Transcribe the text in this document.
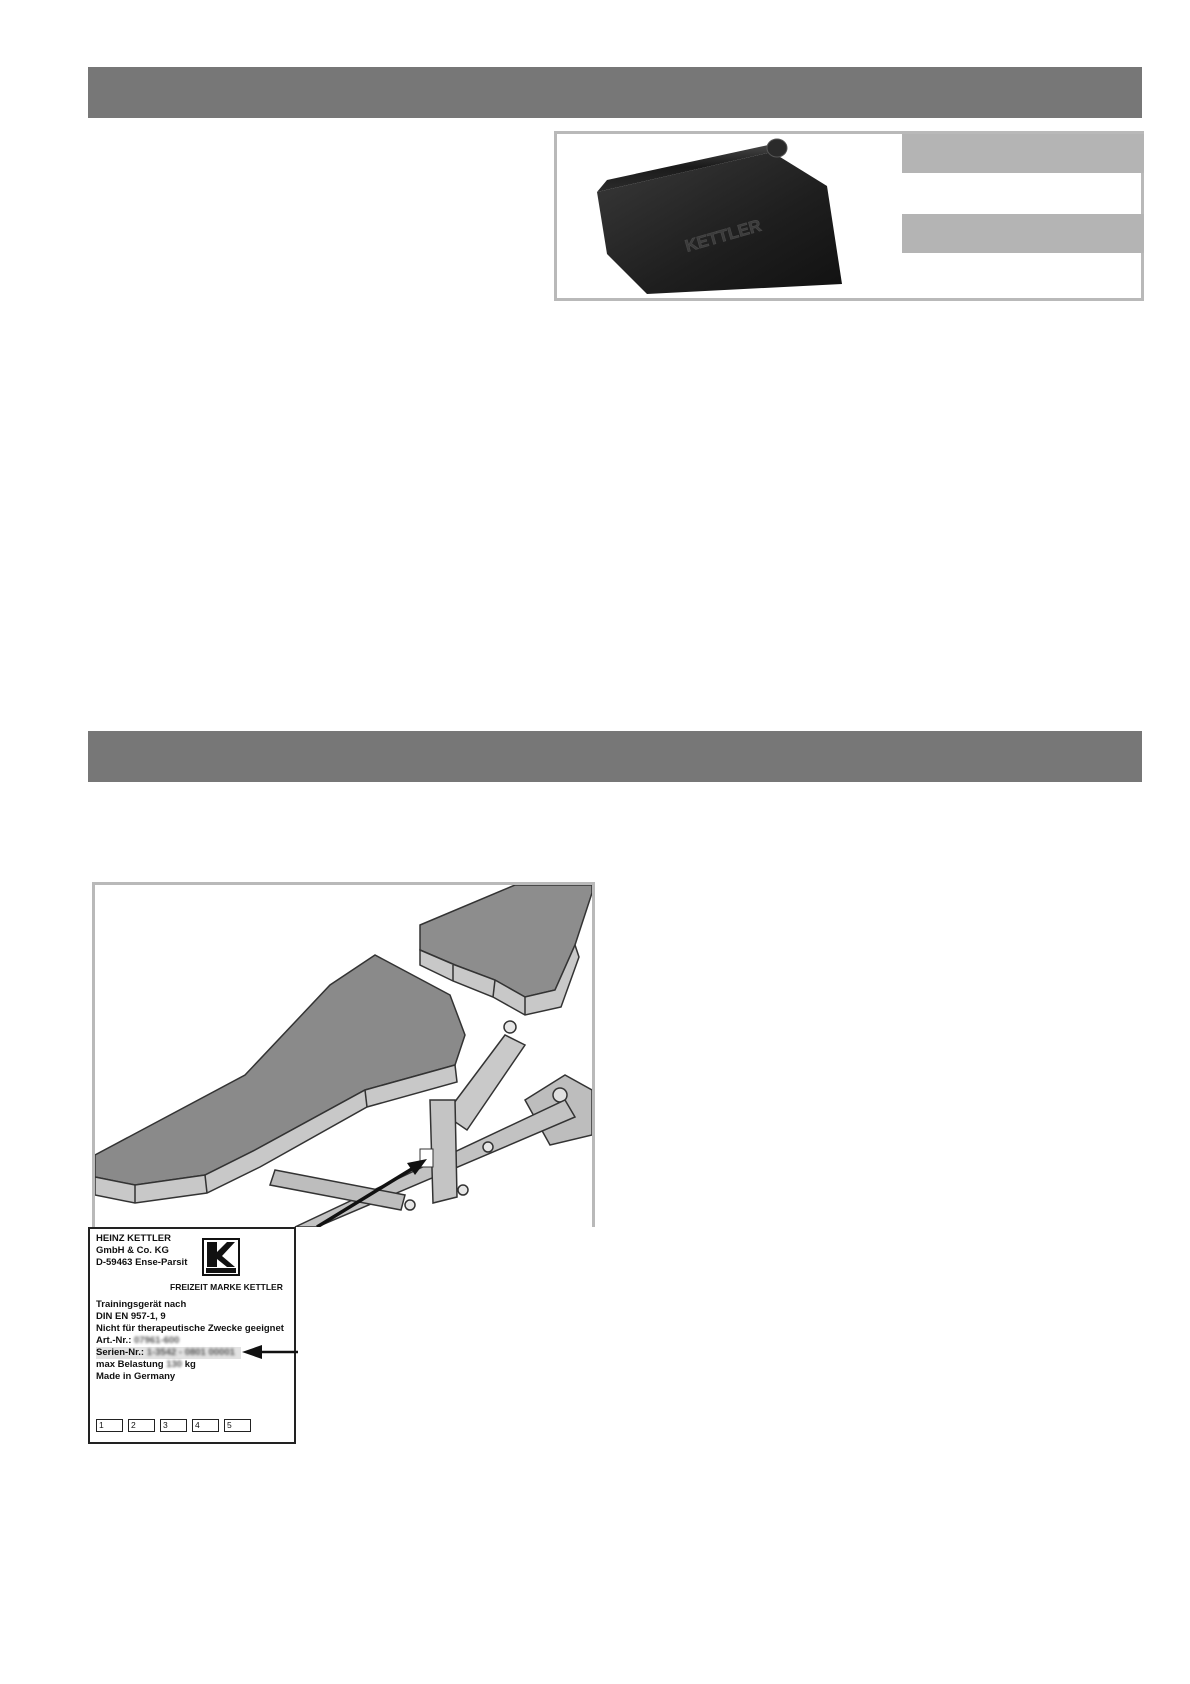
KETTLER
HEINZ KETTLER
GmbH & Co. KG
D-59463 Ense-Parsit
FREIZEIT MARKE KETTLER
Trainingsgerät nach
DIN EN 957-1, 9
Nicht für therapeutische Zwecke geeignet
Art.-Nr.: 07961-600
Serien-Nr.: 1-3542 - 0801 00001
max Belastung 130 kg
Made in Germany
1	2	3	4	5
